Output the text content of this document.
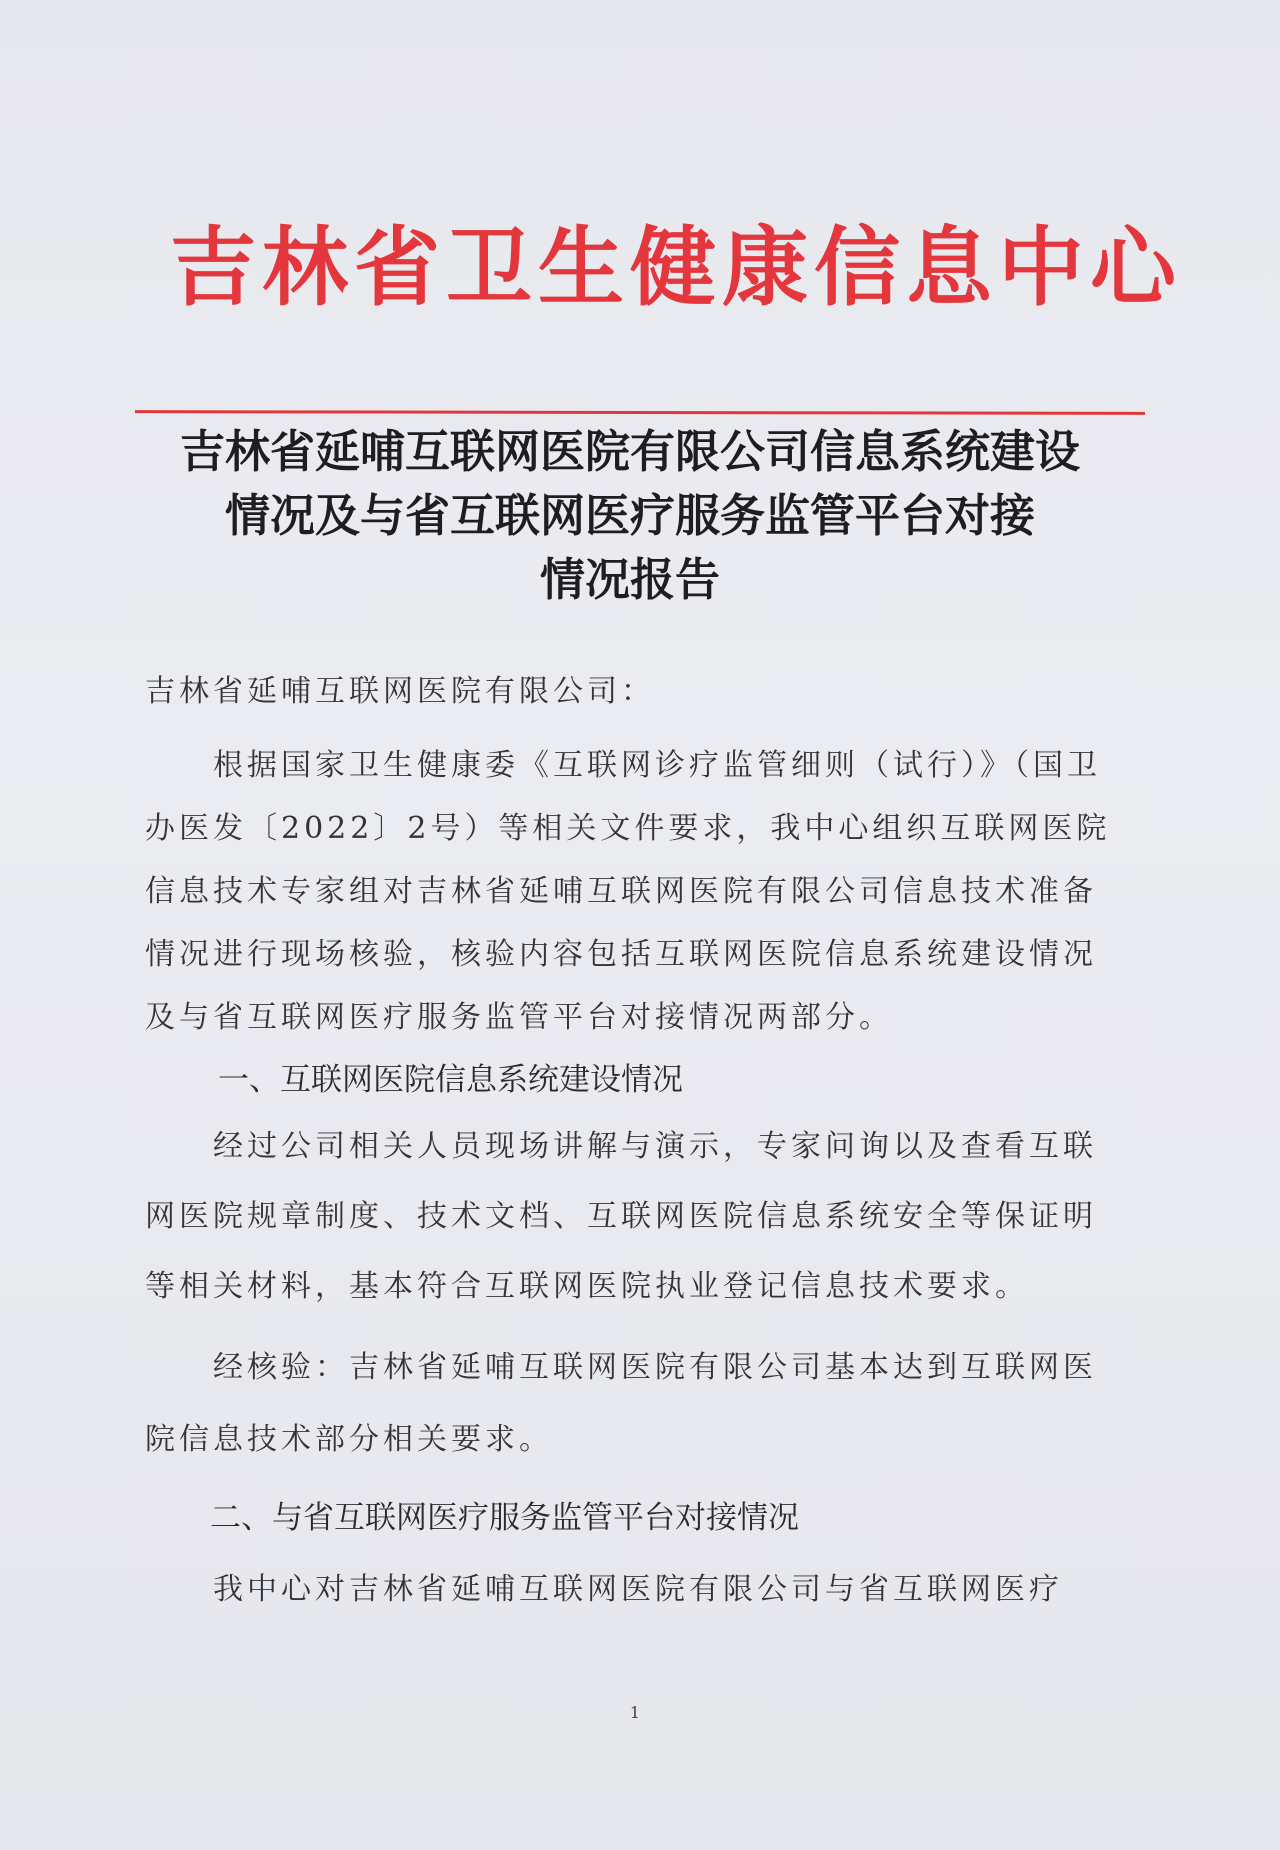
吉林省卫生健康信息中心
吉林省延哺互联网医院有限公司信息系统建设
情况及与省互联网医疗服务监管平台对接
情况报告
吉林省延哺互联网医院有限公司：
根据国家卫生健康委《互联网诊疗监管细则（试行）》（国卫办医发〔2022〕2号）等相关文件要求，我中心组织互联网医院信息技术专家组对吉林省延哺互联网医院有限公司信息技术准备情况进行现场核验，核验内容包括互联网医院信息系统建设情况及与省互联网医疗服务监管平台对接情况两部分。
一、互联网医院信息系统建设情况
经过公司相关人员现场讲解与演示，专家问询以及查看互联网医院规章制度、技术文档、互联网医院信息系统安全等保证明等相关材料，基本符合互联网医院执业登记信息技术要求。
经核验：吉林省延哺互联网医院有限公司基本达到互联网医院信息技术部分相关要求。
二、与省互联网医疗服务监管平台对接情况
我中心对吉林省延哺互联网医院有限公司与省互联网医疗
1
